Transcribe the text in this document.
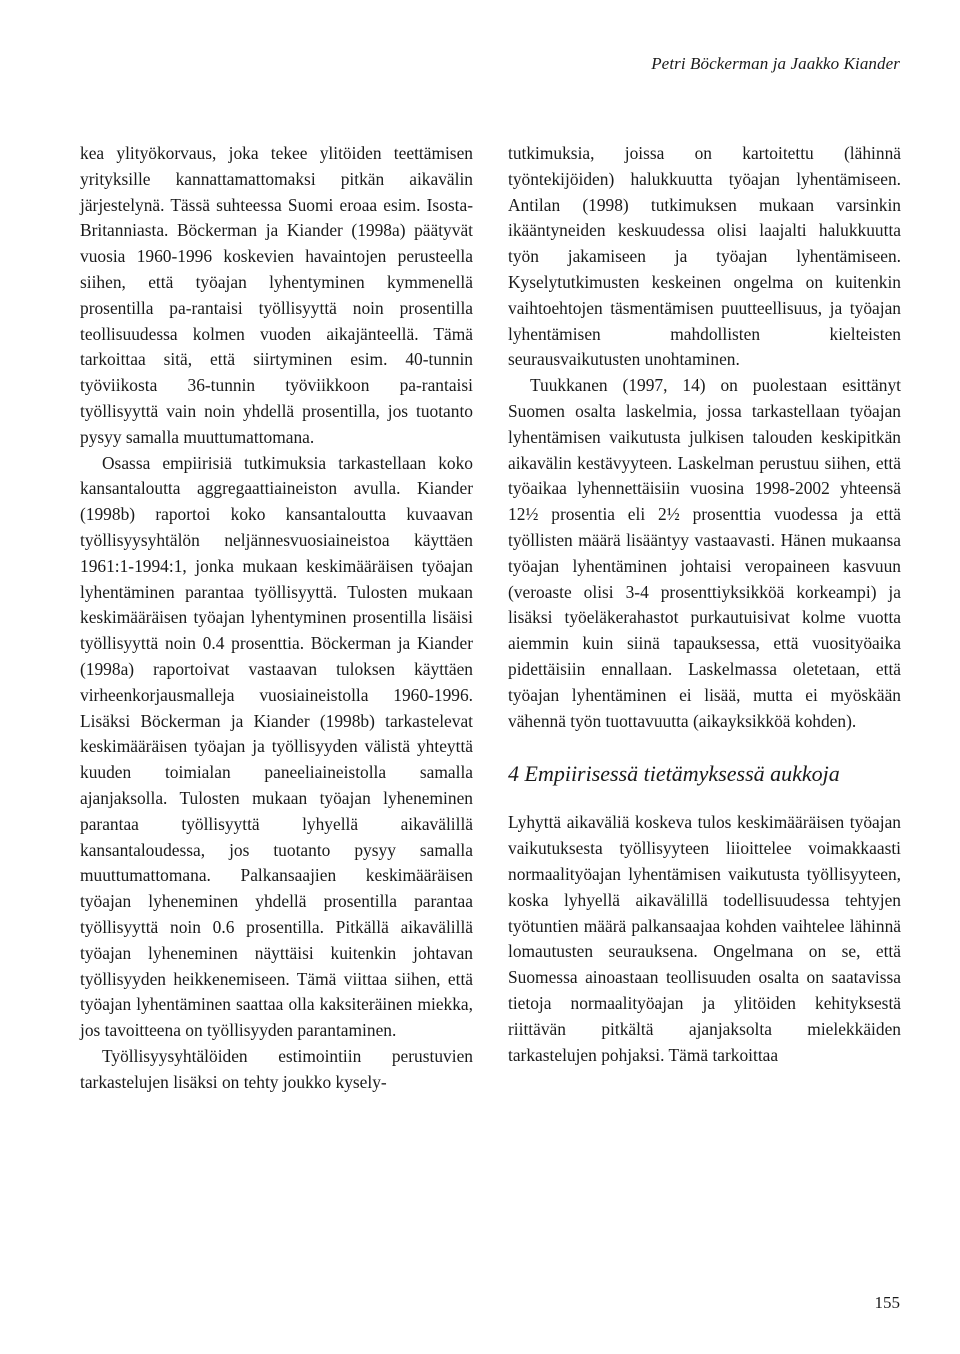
Petri Böckerman ja Jaakko Kiander

kea ylityökorvaus, joka tekee ylitöiden teettämisen yrityksille kannattamattomaksi pitkän aikavälin järjestelynä. Tässä suhteessa Suomi eroaa esim. Isosta-Britanniasta. Böckerman ja Kiander (1998a) päätyvät vuosia 1960-1996 koskevien havaintojen perusteella siihen, että työajan lyhentyminen kymmenellä prosentilla pa-rantaisi työllisyyttä noin prosentilla teollisuudessa kolmen vuoden aikajänteellä. Tämä tarkoittaa sitä, että siirtyminen esim. 40-tunnin työviikosta 36-tunnin työviikkoon pa-rantaisi työllisyyttä vain noin yhdellä prosentilla, jos tuotanto pysyy samalla muuttumattomana.

Osassa empiirisiä tutkimuksia tarkastellaan koko kansantaloutta aggregaattiaineiston avulla. Kiander (1998b) raportoi koko kansantaloutta kuvaavan työllisyysyhtälön neljännesvuosiaineistoa käyttäen 1961:1-1994:1, jonka mukaan keskimääräisen työajan lyhentäminen parantaa työllisyyttä. Tulosten mukaan keskimääräisen työajan lyhentyminen prosentilla lisäisi työllisyyttä noin 0.4 prosenttia. Böckerman ja Kiander (1998a) raportoivat vastaavan tuloksen käyttäen virheenkorjausmalleja vuosiaineistolla 1960-1996. Lisäksi Böckerman ja Kiander (1998b) tarkastelevat keskimääräisen työajan ja työllisyyden välistä yhteyttä kuuden toimialan paneeliaineistolla samalla ajanjaksolla. Tulosten mukaan työajan lyheneminen parantaa työllisyyttä lyhyellä aikavälillä kansantaloudessa, jos tuotanto pysyy samalla muuttumattomana. Palkansaajien keskimääräisen työajan lyheneminen yhdellä prosentilla parantaa työllisyyttä noin 0.6 prosentilla. Pitkällä aikavälillä työajan lyheneminen näyttäisi kuitenkin johtavan työllisyyden heikkenemiseen. Tämä viittaa siihen, että työajan lyhentäminen saattaa olla kaksiteräinen miekka, jos tavoitteena on työllisyyden parantaminen.

Työllisyysyhtälöiden estimointiin perustuvien tarkastelujen lisäksi on tehty joukko kysely-

tutkimuksia, joissa on kartoitettu (lähinnä työntekijöiden) halukkuutta työajan lyhentämiseen. Antilan (1998) tutkimuksen mukaan varsinkin ikääntyneiden keskuudessa olisi laajalti halukkuutta työn jakamiseen ja työajan lyhentämiseen. Kyselytutkimusten keskeinen ongelma on kuitenkin vaihtoehtojen täsmentämisen puutteellisuus, ja työajan lyhentämisen mahdollisten kielteisten seurausvaikutusten unohtaminen.

Tuukkanen (1997, 14) on puolestaan esittänyt Suomen osalta laskelmia, jossa tarkastellaan työajan lyhentämisen vaikutusta julkisen talouden keskipitkän aikavälin kestävyyteen. Laskelman perustuu siihen, että työaikaa lyhennettäisiin vuosina 1998-2002 yhteensä 12½ prosentia eli 2½ prosenttia vuodessa ja että työllisten määrä lisääntyy vastaavasti. Hänen mukaansa työajan lyhentäminen johtaisi veropaineen kasvuun (veroaste olisi 3-4 prosenttiyksikköä korkeampi) ja lisäksi työeläkerahastot purkautuisivat kolme vuotta aiemmin kuin siinä tapauksessa, että vuosityöaika pidettäisiin ennallaan. Laskelmassa oletetaan, että työajan lyhentäminen ei lisää, mutta ei myöskään vähennä työn tuottavuutta (aikayksikköä kohden).

4 Empiirisessä tietämyksessä aukkoja

Lyhyttä aikaväliä koskeva tulos keskimääräisen työajan vaikutuksesta työllisyyteen liioittelee voimakkaasti normaalityöajan lyhentämisen vaikutusta työllisyyteen, koska lyhyellä aikavälillä todellisuudessa tehtyjen työtuntien määrä palkansaajaa kohden vaihtelee lähinnä lomautusten seurauksena. Ongelmana on se, että Suomessa ainoastaan teollisuuden osalta on saatavissa tietoja normaalityöajan ja ylitöiden kehityksestä riittävän pitkältä ajanjaksolta mielekkäiden tarkastelujen pohjaksi. Tämä tarkoittaa

155
